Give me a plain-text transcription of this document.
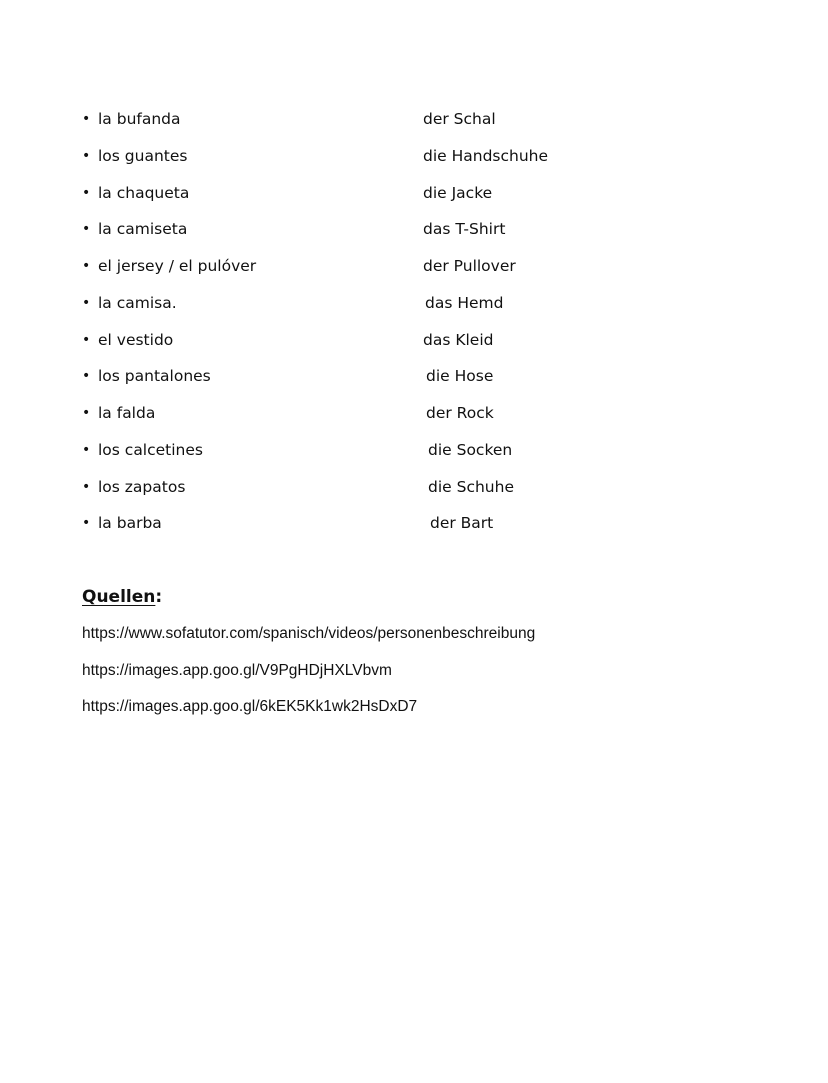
• la bufanda	der Schal
• los guantes	die Handschuhe
• la chaqueta	die Jacke
• la camiseta	das T-Shirt
• el jersey / el pulóver	der Pullover
• la camisa.	das Hemd
• el vestido	das Kleid
• los pantalones	die Hose
• la falda	der Rock
• los calcetines	die Socken
• los zapatos	die Schuhe
• la barba	der Bart
Quellen:
https://www.sofatutor.com/spanisch/videos/personenbeschreibung
https://images.app.goo.gl/V9PgHDjHXLVbvm
https://images.app.goo.gl/6kEK5Kk1wk2HsDxD7
